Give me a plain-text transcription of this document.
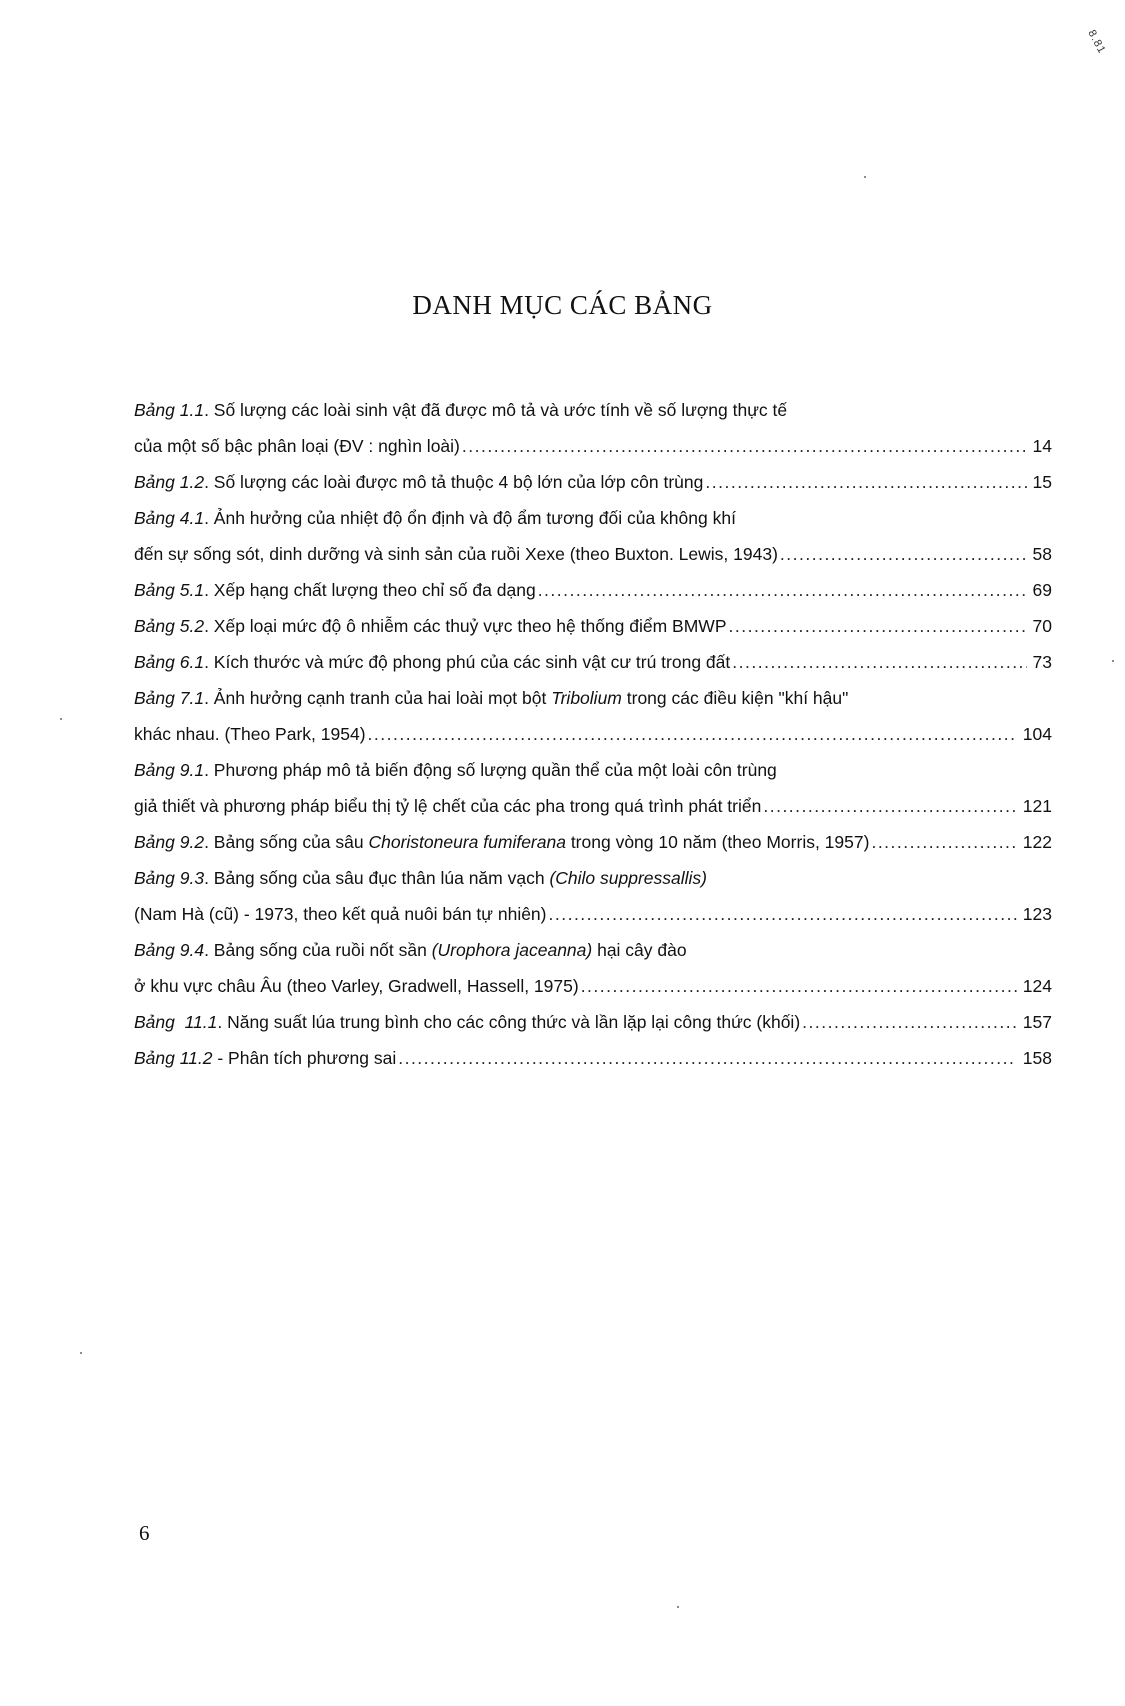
8.81
DANH MỤC CÁC BẢNG
Bảng 1.1. Số lượng các loài sinh vật đã được mô tả và ước tính về số lượng thực tế
của một số bậc phân loại (ĐV : nghìn loài) .....	14
Bảng 1.2. Số lượng các loài được mô tả thuộc 4 bộ lớn của lớp côn trùng .....	15
Bảng 4.1. Ảnh hưởng của nhiệt độ ổn định và độ ẩm tương đối của không khí
đến sự sống sót, dinh dưỡng và sinh sản của ruồi Xexe (theo Buxton. Lewis, 1943) .....	58
Bảng 5.1. Xếp hạng chất lượng theo chỉ số đa dạng .....	69
Bảng 5.2. Xếp loại mức độ ô nhiễm các thuỷ vực theo hệ thống điểm BMWP .....	70
Bảng 6.1. Kích thước và mức độ phong phú của các sinh vật cư trú trong đất .....	73
Bảng 7.1. Ảnh hưởng cạnh tranh của hai loài mọt bột Tribolium trong các điều kiện "khí hậu"
khác nhau. (Theo Park, 1954) .....	104
Bảng 9.1. Phương pháp mô tả biến động số lượng quần thể của một loài côn trùng
giả thiết và phương pháp biểu thị tỷ lệ chết của các pha trong quá trình phát triển .....	121
Bảng 9.2. Bảng sống của sâu Choristoneura fumiferana trong vòng 10 năm (theo Morris, 1957) .....	122
Bảng 9.3. Bảng sống của sâu đục thân lúa năm vạch (Chilo suppressallis)
(Nam Hà (cũ) - 1973, theo kết quả nuôi bán tự nhiên) .....	123
Bảng 9.4. Bảng sống của ruồi nốt sần (Urophora jaceanna) hại cây đào
ở khu vực châu Âu (theo Varley, Gradwell, Hassell, 1975) .....	124
Bảng  11.1. Năng suất lúa trung bình cho các công thức và lần lặp lại công thức (khối) .....	157
Bảng 11.2 - Phân tích phương sai .....	158
6
